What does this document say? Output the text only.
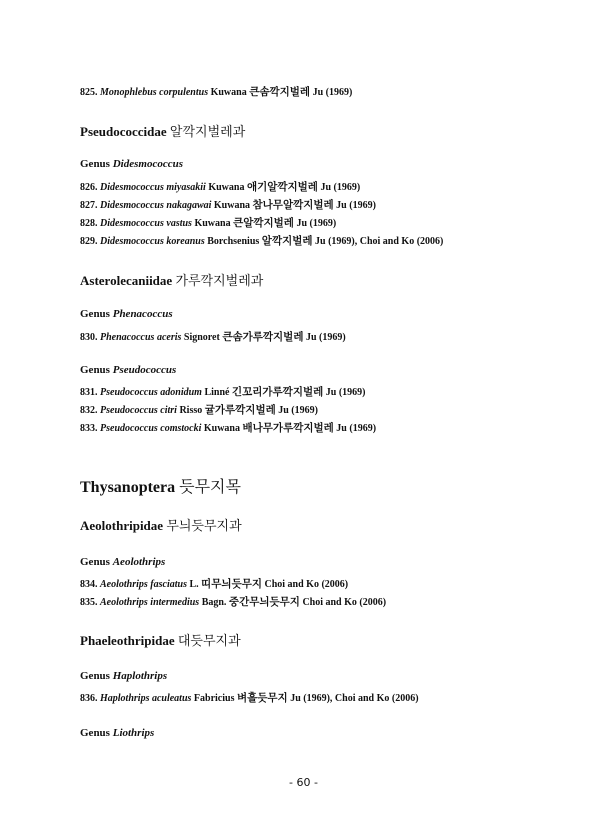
825. Monophlebus corpulentus Kuwana 큰솜깍지벌레 Ju (1969)
Pseudococcidae 알깍지벌레과
Genus Didesmococcus
826. Didesmococcus miyasakii Kuwana 애기알깍지벌레 Ju (1969)
827. Didesmococcus nakagawai Kuwana 참나무알깍지벌레 Ju (1969)
828. Didesmococcus vastus Kuwana 큰알깍지벌레 Ju (1969)
829. Didesmococcus koreanus Borchsenius 알깍지벌레 Ju (1969), Choi and Ko (2006)
Asterolecaniidae 가루깍지벌레과
Genus Phenacoccus
830. Phenacoccus aceris Signoret 큰솜가루깍지벌레 Ju (1969)
Genus Pseudococcus
831. Pseudococcus adonidum Linné 긴꼬리가루깍지벌레 Ju (1969)
832. Pseudococcus citri Risso 귤가루깍지벌레 Ju (1969)
833. Pseudococcus comstocki Kuwana 배나무가루깍지벌레 Ju (1969)
Thysanoptera 듯무지목
Aeolothripidae 무늬듯무지과
Genus Aeolothrips
834. Aeolothrips fasciatus L. 띠무늬듯무지 Choi and Ko (2006)
835. Aeolothrips intermedius Bagn. 중간무늬듯무지 Choi and Ko (2006)
Phaeleothripidae 대듯무지과
Genus Haplothrips
836. Haplothrips aculeatus Fabricius 벼흘듯무지 Ju (1969), Choi and Ko (2006)
Genus Liothrips
- 60 -
